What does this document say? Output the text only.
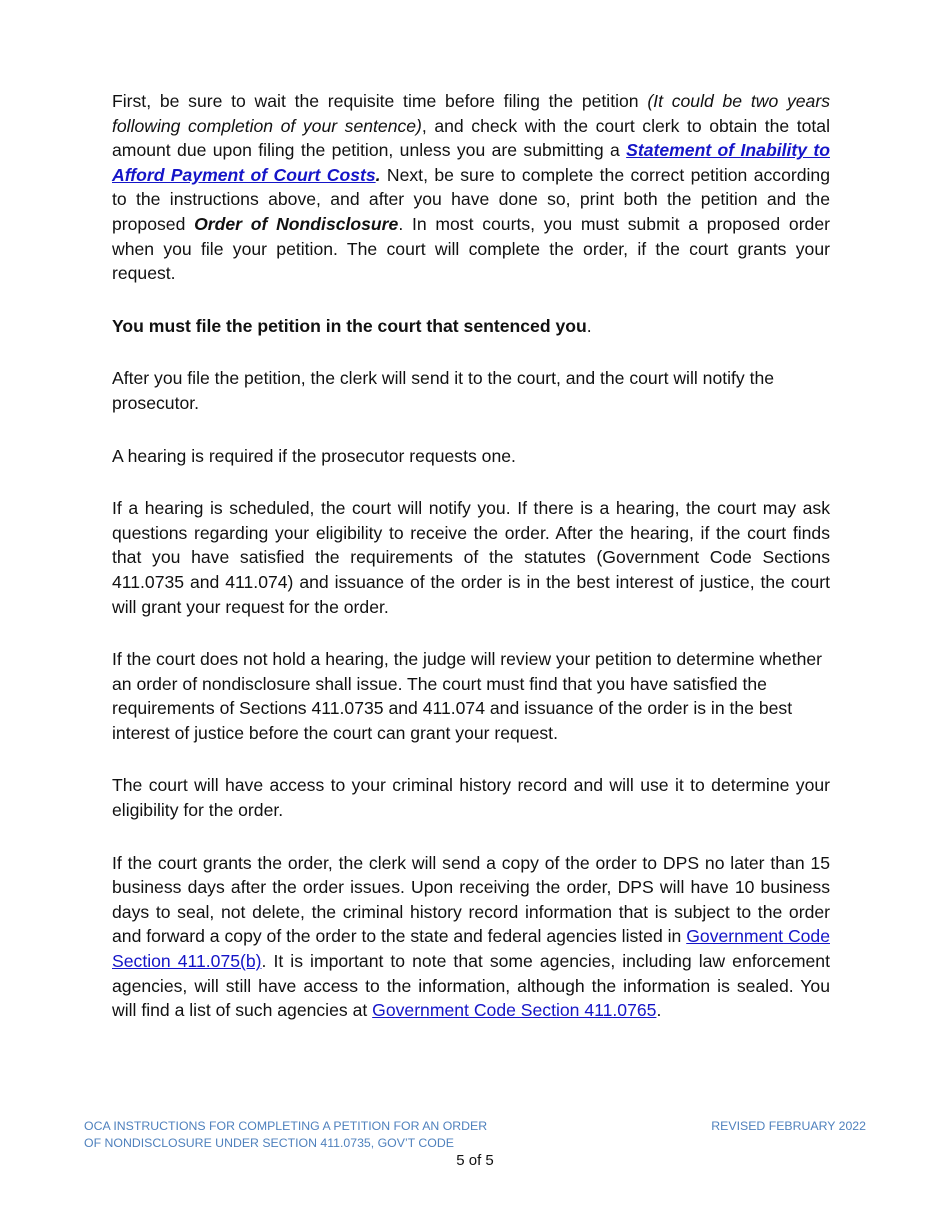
First, be sure to wait the requisite time before filing the petition (It could be two years following completion of your sentence), and check with the court clerk to obtain the total amount due upon filing the petition, unless you are submitting a Statement of Inability to Afford Payment of Court Costs. Next, be sure to complete the correct petition according to the instructions above, and after you have done so, print both the petition and the proposed Order of Nondisclosure. In most courts, you must submit a proposed order when you file your petition. The court will complete the order, if the court grants your request.

You must file the petition in the court that sentenced you.

After you file the petition, the clerk will send it to the court, and the court will notify the prosecutor.

A hearing is required if the prosecutor requests one.

If a hearing is scheduled, the court will notify you. If there is a hearing, the court may ask questions regarding your eligibility to receive the order. After the hearing, if the court finds that you have satisfied the requirements of the statutes (Government Code Sections 411.0735 and 411.074) and issuance of the order is in the best interest of justice, the court will grant your request for the order.

If the court does not hold a hearing, the judge will review your petition to determine whether an order of nondisclosure shall issue. The court must find that you have satisfied the requirements of Sections 411.0735 and 411.074 and issuance of the order is in the best interest of justice before the court can grant your request.

The court will have access to your criminal history record and will use it to determine your eligibility for the order.

If the court grants the order, the clerk will send a copy of the order to DPS no later than 15 business days after the order issues. Upon receiving the order, DPS will have 10 business days to seal, not delete, the criminal history record information that is subject to the order and forward a copy of the order to the state and federal agencies listed in Government Code Section 411.075(b). It is important to note that some agencies, including law enforcement agencies, will still have access to the information, although the information is sealed. You will find a list of such agencies at Government Code Section 411.0765.

OCA INSTRUCTIONS FOR COMPLETING A PETITION FOR AN ORDER
OF NONDISCLOSURE UNDER SECTION 411.0735, GOV’T CODE
REVISED FEBRUARY 2022
5 of 5
